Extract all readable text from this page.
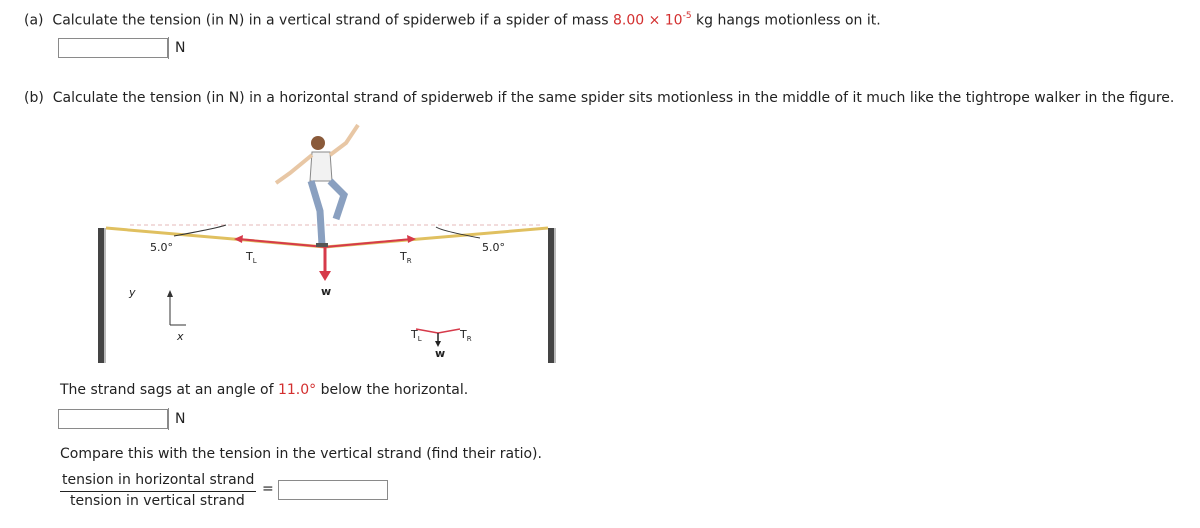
(a) Calculate the tension (in N) in a vertical strand of spiderweb if a spider of mass $8.00 \times 10^{-5}$ kg hangs motionless on it.
N
(b) Calculate the tension (in N) in a horizontal strand of spiderweb if the same spider sits motionless in the middle of it much like the tightrope walker in the figure.
5.0°	5.0°
$T_L$	$T_R$
w
y
x	$T_L$	$T_R$
w
The strand sags at an angle of 11.0° below the horizontal.
N
Compare this with the tension in the vertical strand (find their ratio).
tension in horizontal strand
tension in vertical strand
=
